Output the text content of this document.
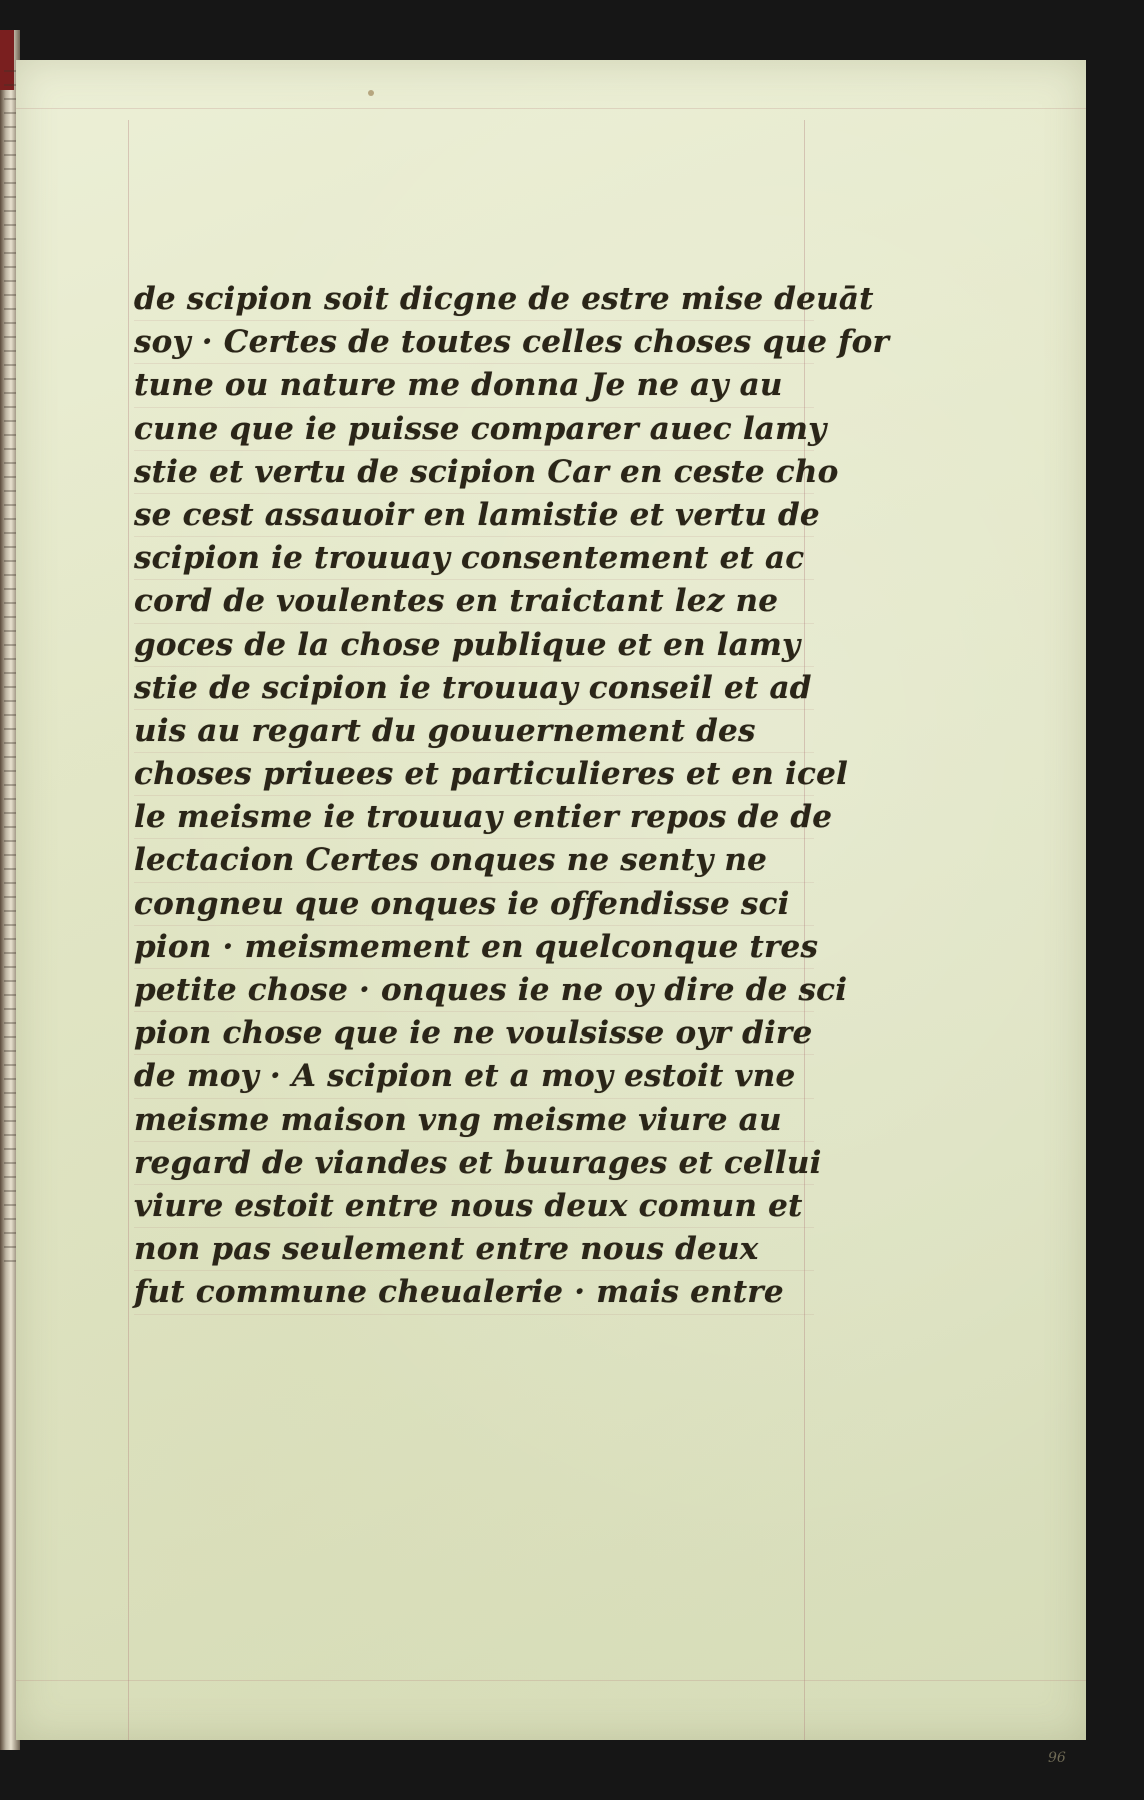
de scipion soit dicgne de estre mise deuāt
soy · Certes de toutes celles choses que for
tune ou nature me donna Je ne ay au
cune que ie puisse comparer auec lamy
stie et vertu de scipion Car en ceste cho
se cest assauoir en lamistie et vertu de
scipion ie trouuay consentement et ac
cord de voulentes en traictant lez ne
goces de la chose publique et en lamy
stie de scipion ie trouuay conseil et ad
uis au regart du gouuernement des
choses priuees et particulieres et en icel
le meisme ie trouuay entier repos de de
lectacion Certes onques ne senty ne
congneu que onques ie offendisse sci
pion · meismement en quelconque tres
petite chose · onques ie ne oy dire de sci
pion chose que ie ne voulsisse oyr dire
de moy · A scipion et a moy estoit vne
meisme maison vng meisme viure au
regard de viandes et buurages et cellui
viure estoit entre nous deux comun et
non pas seulement entre nous deux
fut commune cheualerie · mais entre
96
